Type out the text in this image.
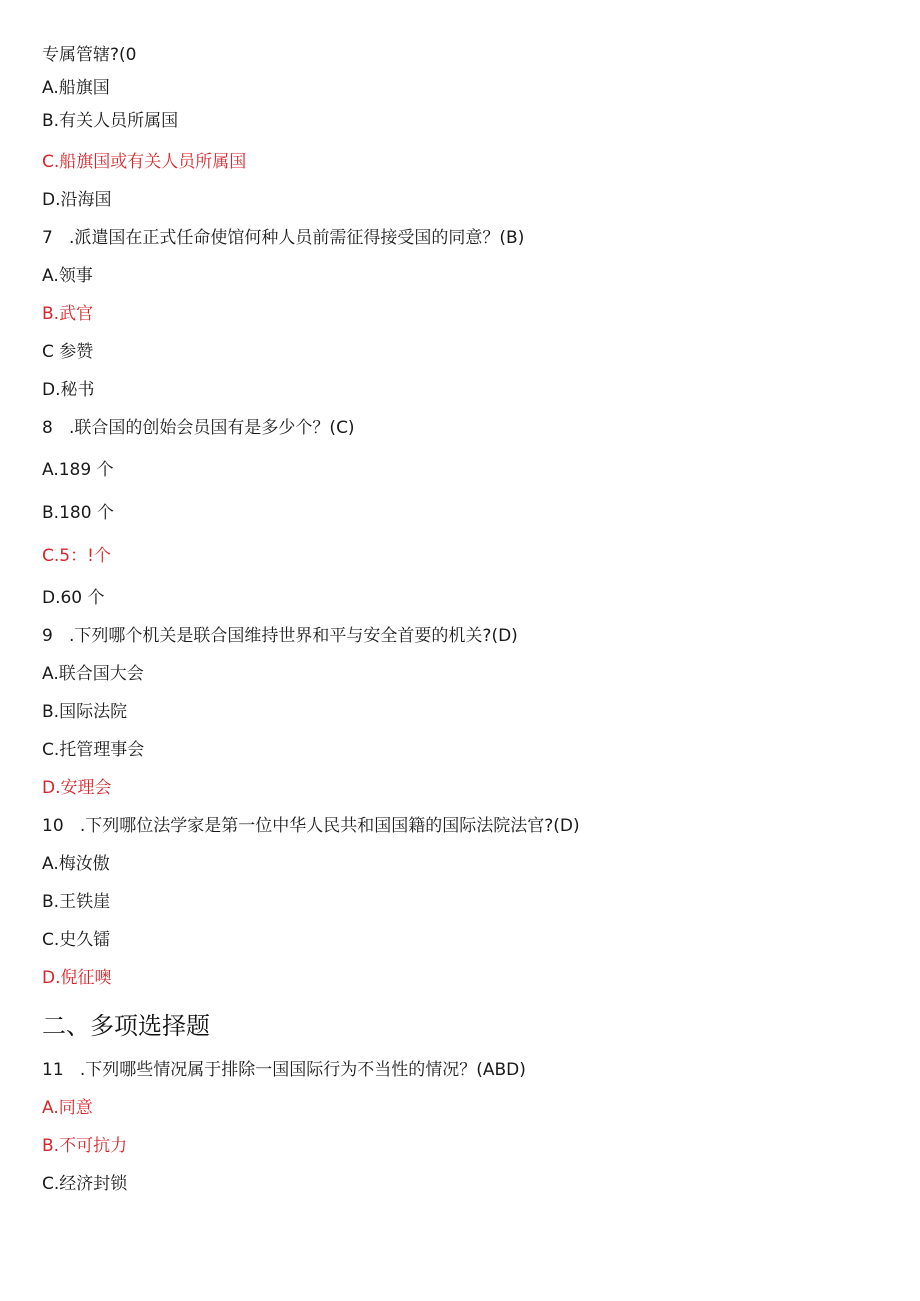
专属管辖?(0
A.船旗国
B.有关人员所属国
C.船旗国或有关人员所属国
D.沿海国
7   .派遣国在正式任命使馆何种人员前需征得接受国的同意？(B)
A.领事
B.武官
C 参赞
D.秘书
8   .联合国的创始会员国有是多少个？(C)
A.189 个
B.180 个
C.5：!个
D.60 个
9   .下列哪个机关是联合国维持世界和平与安全首要的机关?(D)
A.联合国大会
B.国际法院
C.托管理事会
D.安理会
10   .下列哪位法学家是第一位中华人民共和国国籍的国际法院法官?(D)
A.梅汝傲
B.王铁崖
C.史久镭
D.倪征噢
二、多项选择题
11   .下列哪些情况属于排除一国国际行为不当性的情况？(ABD)
A.同意
B.不可抗力
C.经济封锁
